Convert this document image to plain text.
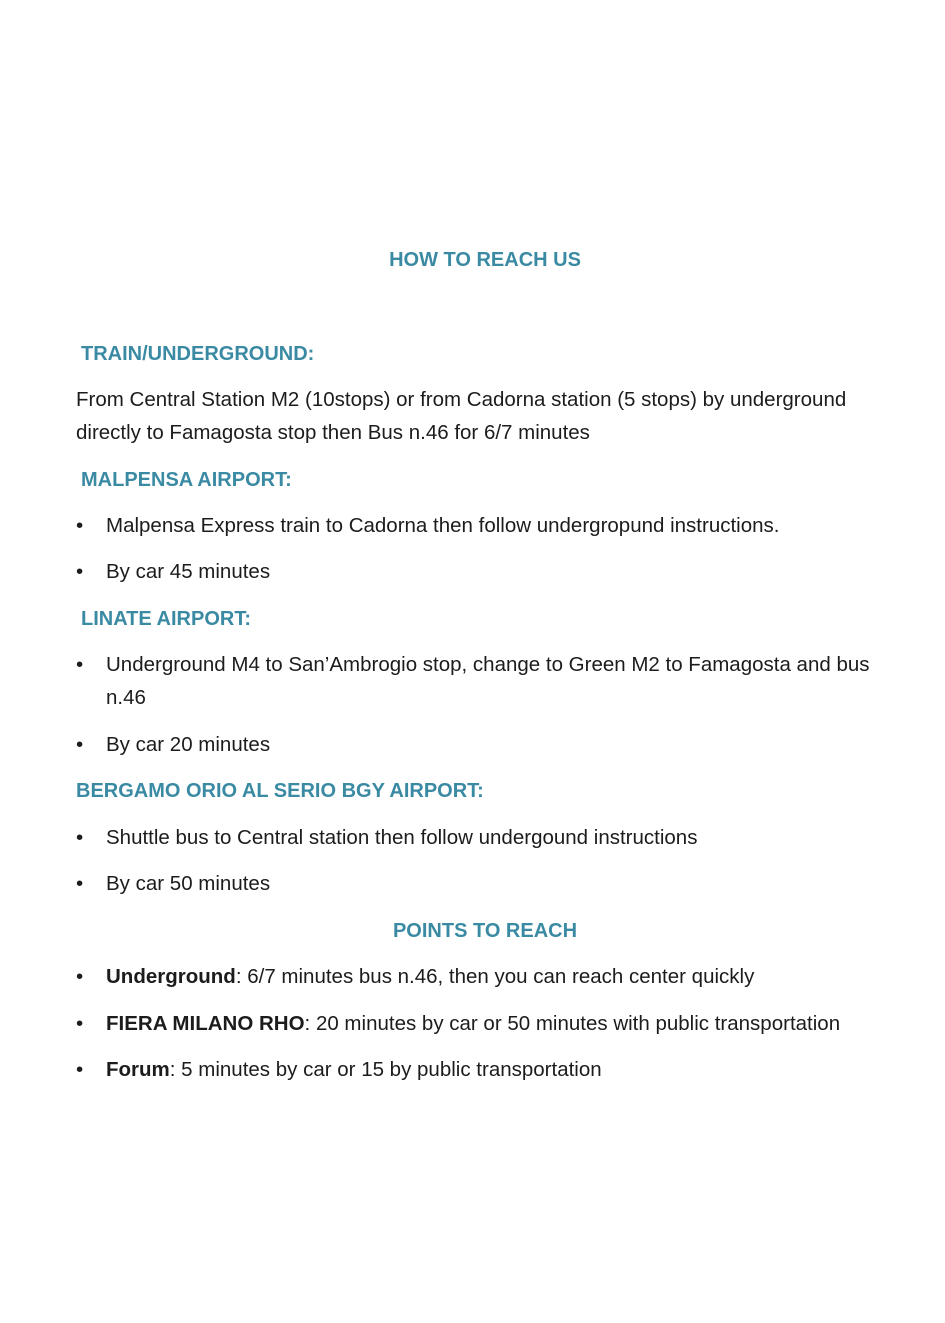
HOW TO REACH US
TRAIN/UNDERGROUND:

From Central Station M2 (10stops) or from Cadorna station (5 stops) by underground directly to Famagosta stop then Bus n.46 for 6/7 minutes

MALPENSA AIRPORT:
•	Malpensa Express train to Cadorna then follow undergropund instructions.
•	By car 45 minutes
LINATE AIRPORT:
•	Underground M4 to San’Ambrogio stop, change to Green M2 to Famagosta and bus n.46
•	By car 20 minutes
BERGAMO ORIO AL SERIO BGY AIRPORT:
•	Shuttle bus to Central station then follow undergound instructions
•	By car 50 minutes
POINTS TO REACH
•	Underground: 6/7 minutes bus n.46, then you can reach center quickly
•	FIERA MILANO RHO: 20 minutes by car or 50 minutes with public transportation
•	Forum: 5 minutes by car or 15 by public transportation
